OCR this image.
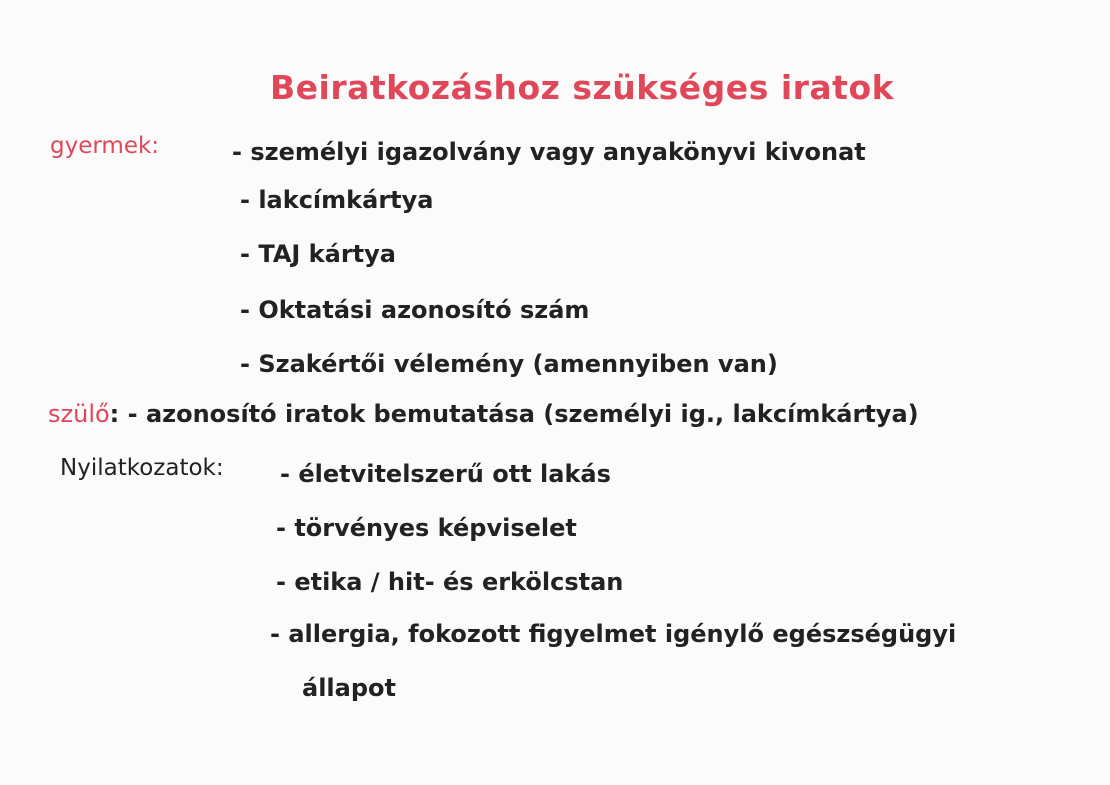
Beiratkozáshoz szükséges iratok
gyermek:	- személyi igazolvány vagy anyakönyvi kivonat
- lakcímkártya
- TAJ kártya
- Oktatási azonosító szám
- Szakértői vélemény (amennyiben van)
szülő: - azonosító iratok bemutatása (személyi ig., lakcímkártya)
Nyilatkozatok: - életvitelszerű ott lakás
- törvényes képviselet
- etika / hit- és erkölcstan
- allergia, fokozott figyelmet igénylő egészségügyi
állapot
